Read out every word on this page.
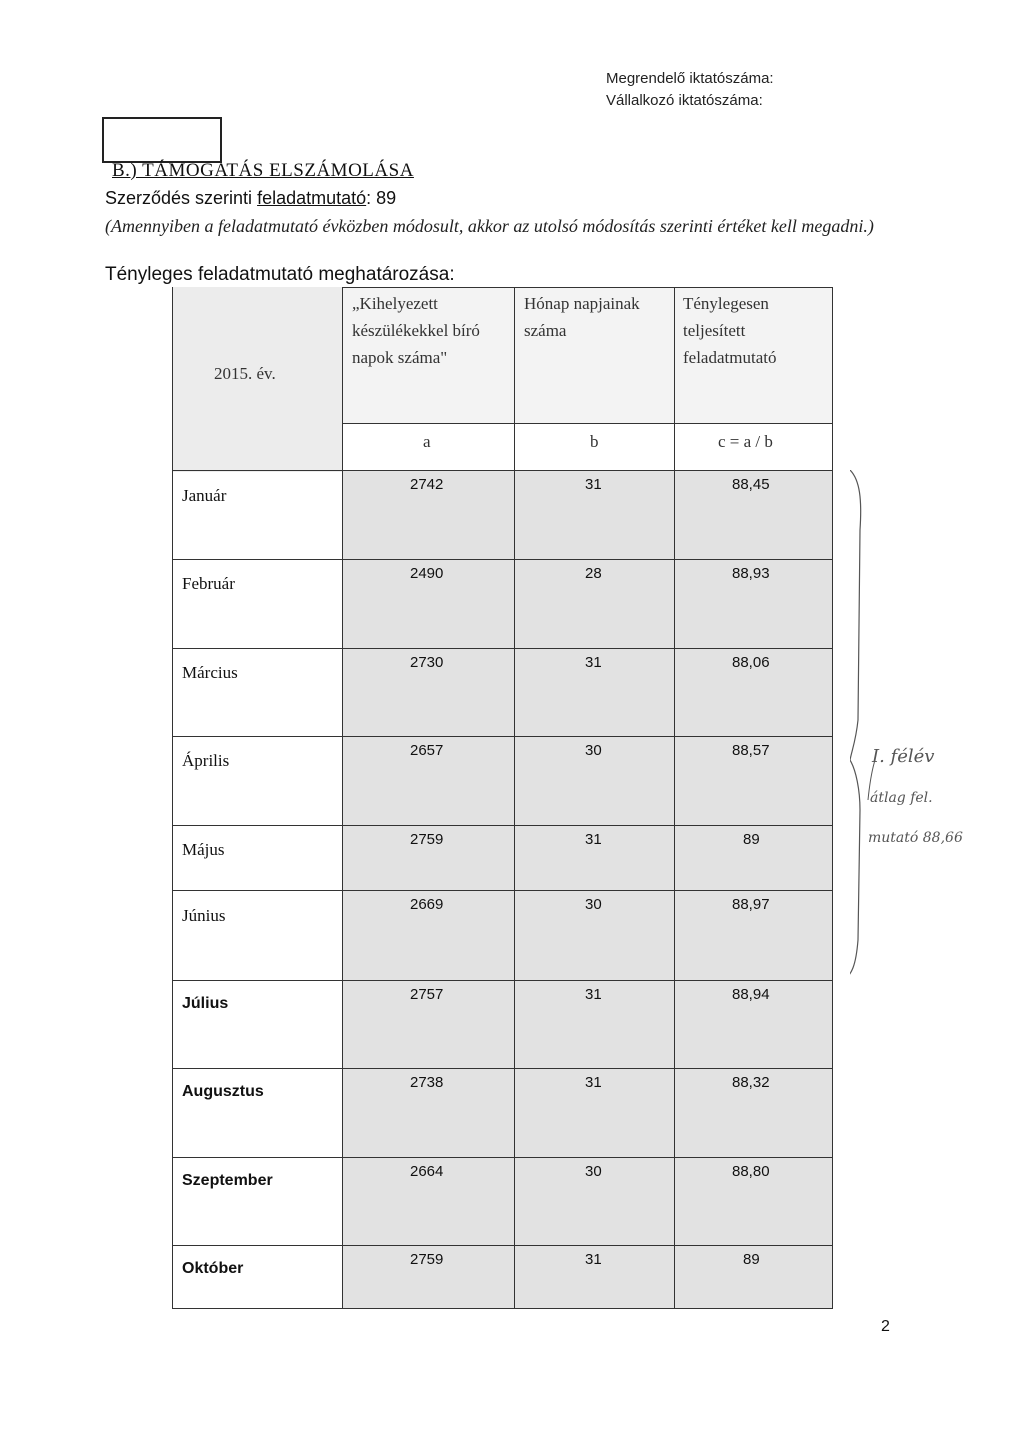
Megrendelő iktatószáma:
Vállalkozó iktatószáma:
B.) TÁMOGATÁS ELSZÁMOLÁSA
Szerződés szerinti feladatmutató: 89
(Amennyiben a feladatmutató évközben módosult, akkor az utolsó módosítás szerinti értéket kell megadni.)
Tényleges feladatmutató meghatározása:
2015. év.
„Kihelyezett készülékekkel bíró napok száma"
Hónap napjainak száma
Ténylegesen teljesített feladatmutató
a	b	c = a / b
Január
2742	31	88,45
Február
2490	28	88,93
Március
2730	31	88,06
Április
2657	30	88,57
Május
2759	31	89
Június
2669	30	88,97
Július
2757	31	88,94
Augusztus
2738	31	88,32
Szeptember
2664	30	88,80
Október
2759	31	89
I. félév
átlag fel.
mutató 88,66
2
